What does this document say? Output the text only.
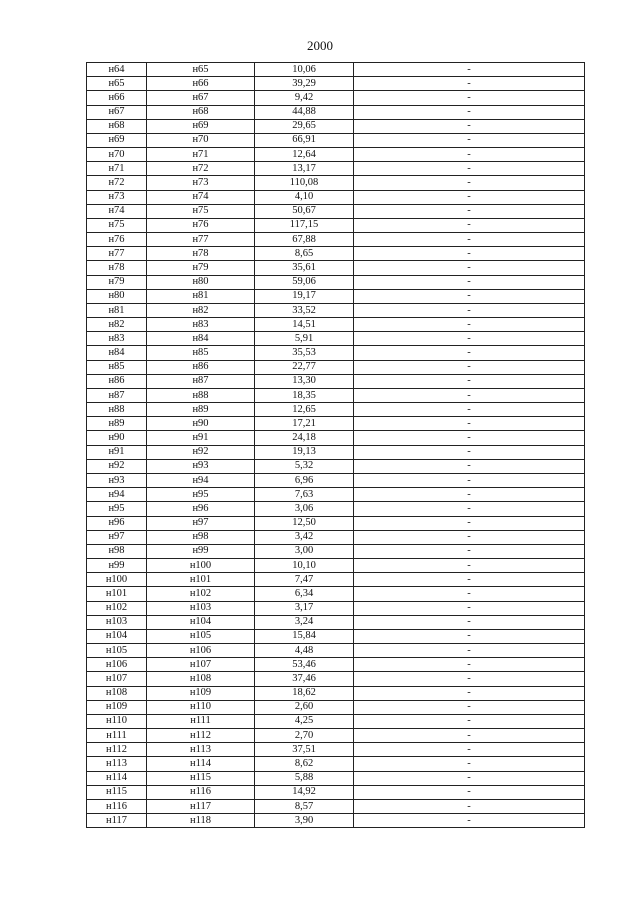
2000
н64	н65	10,06	-
н65	н66	39,29	-
н66	н67	9,42	-
н67	н68	44,88	-
н68	н69	29,65	-
н69	н70	66,91	-
н70	н71	12,64	-
н71	н72	13,17	-
н72	н73	110,08	-
н73	н74	4,10	-
н74	н75	50,67	-
н75	н76	117,15	-
н76	н77	67,88	-
н77	н78	8,65	-
н78	н79	35,61	-
н79	н80	59,06	-
н80	н81	19,17	-
н81	н82	33,52	-
н82	н83	14,51	-
н83	н84	5,91	-
н84	н85	35,53	-
н85	н86	22,77	-
н86	н87	13,30	-
н87	н88	18,35	-
н88	н89	12,65	-
н89	н90	17,21	-
н90	н91	24,18	-
н91	н92	19,13	-
н92	н93	5,32	-
н93	н94	6,96	-
н94	н95	7,63	-
н95	н96	3,06	-
н96	н97	12,50	-
н97	н98	3,42	-
н98	н99	3,00	-
н99	н100	10,10	-
н100	н101	7,47	-
н101	н102	6,34	-
н102	н103	3,17	-
н103	н104	3,24	-
н104	н105	15,84	-
н105	н106	4,48	-
н106	н107	53,46	-
н107	н108	37,46	-
н108	н109	18,62	-
н109	н110	2,60	-
н110	н111	4,25	-
н111	н112	2,70	-
н112	н113	37,51	-
н113	н114	8,62	-
н114	н115	5,88	-
н115	н116	14,92	-
н116	н117	8,57	-
н117	н118	3,90	-
